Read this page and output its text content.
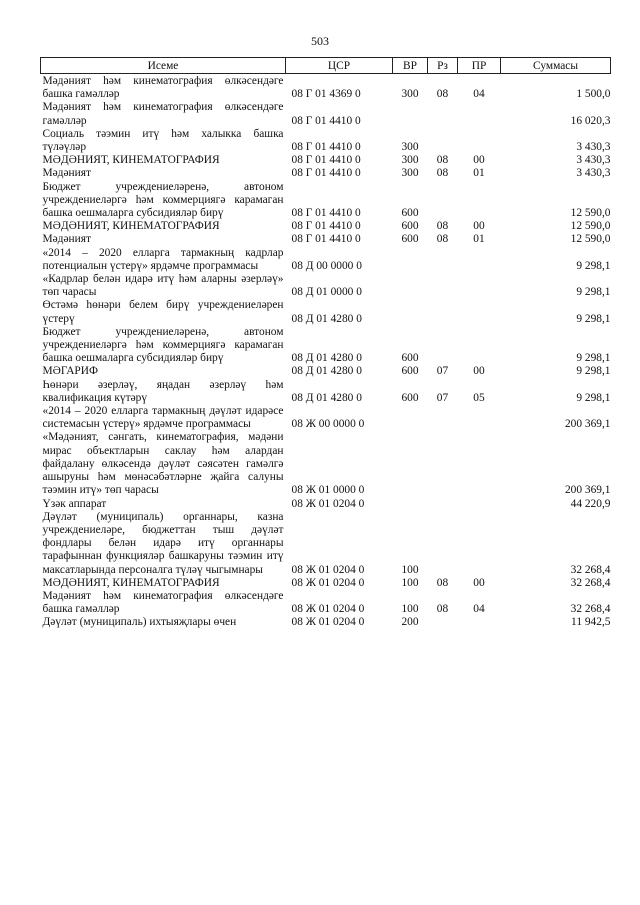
503
Исеме	ЦСР	ВР	Рз	ПР	Суммасы
Мәдәният һәм кинематография өлкәсендәге башка гамәлләр	08 Г 01 4369 0	300	08	04	1 500,0
Мәдәният һәм кинематография өлкәсендәге гамәлләр	08 Г 01 4410 0				16 020,3
Социаль тәэмин итү һәм халыкка башка түләүләр	08 Г 01 4410 0	300			3 430,3
МӘДӘНИЯТ, КИНЕМАТОГРАФИЯ	08 Г 01 4410 0	300	08	00	3 430,3
Мәдәният	08 Г 01 4410 0	300	08	01	3 430,3
Бюджет учреждениеләренә, автоном учреждениеләргә һәм коммерциягә карамаган башка оешмаларга субсидияләр бирү	08 Г 01 4410 0	600			12 590,0
МӘДӘНИЯТ, КИНЕМАТОГРАФИЯ	08 Г 01 4410 0	600	08	00	12 590,0
Мәдәният	08 Г 01 4410 0	600	08	01	12 590,0
«2014 – 2020 елларга тармакның кадрлар потенциалын үстерү» ярдәмче программасы	08 Д 00 0000 0				9 298,1
«Кадрлар белән идарә итү һәм аларны әзерләү» төп чарасы	08 Д 01 0000 0				9 298,1
Өстәмә һөнәри белем бирү учреждениеләрен үстерү	08 Д 01 4280 0				9 298,1
Бюджет учреждениеләренә, автоном учреждениеләргә һәм коммерциягә карамаган башка оешмаларга субсидияләр бирү	08 Д 01 4280 0	600			9 298,1
МӘГАРИФ	08 Д 01 4280 0	600	07	00	9 298,1
Һөнәри әзерләү, яңадан әзерләү һәм квалификация күтәрү	08 Д 01 4280 0	600	07	05	9 298,1
«2014 – 2020 елларга тармакның дәүләт идарәсе системасын үстерү» ярдәмче программасы	08 Ж 00 0000 0				200 369,1
«Мәдәният, сәнгать, кинематография, мәдәни мирас объектларын саклау һәм алардан файдалану өлкәсендә дәүләт сәясәтен гамәлгә ашыруны һәм мөнәсәбәтләрне җайга салуны тәэмин итү» төп чарасы	08 Ж 01 0000 0				200 369,1
Үзәк аппарат	08 Ж 01 0204 0				44 220,9
Дәүләт (муниципаль) органнары, казна учреждениеләре, бюджеттан тыш дәүләт фондлары белән идарә итү органнары тарафыннан функцияләр башкаруны тәэмин итү максатларында персоналга түләү чыгымнары	08 Ж 01 0204 0	100			32 268,4
МӘДӘНИЯТ, КИНЕМАТОГРАФИЯ	08 Ж 01 0204 0	100	08	00	32 268,4
Мәдәният һәм кинематография өлкәсендәге башка гамәлләр	08 Ж 01 0204 0	100	08	04	32 268,4
Дәүләт (муниципаль) ихтыяҗлары өчен	08 Ж 01 0204 0	200			11 942,5
